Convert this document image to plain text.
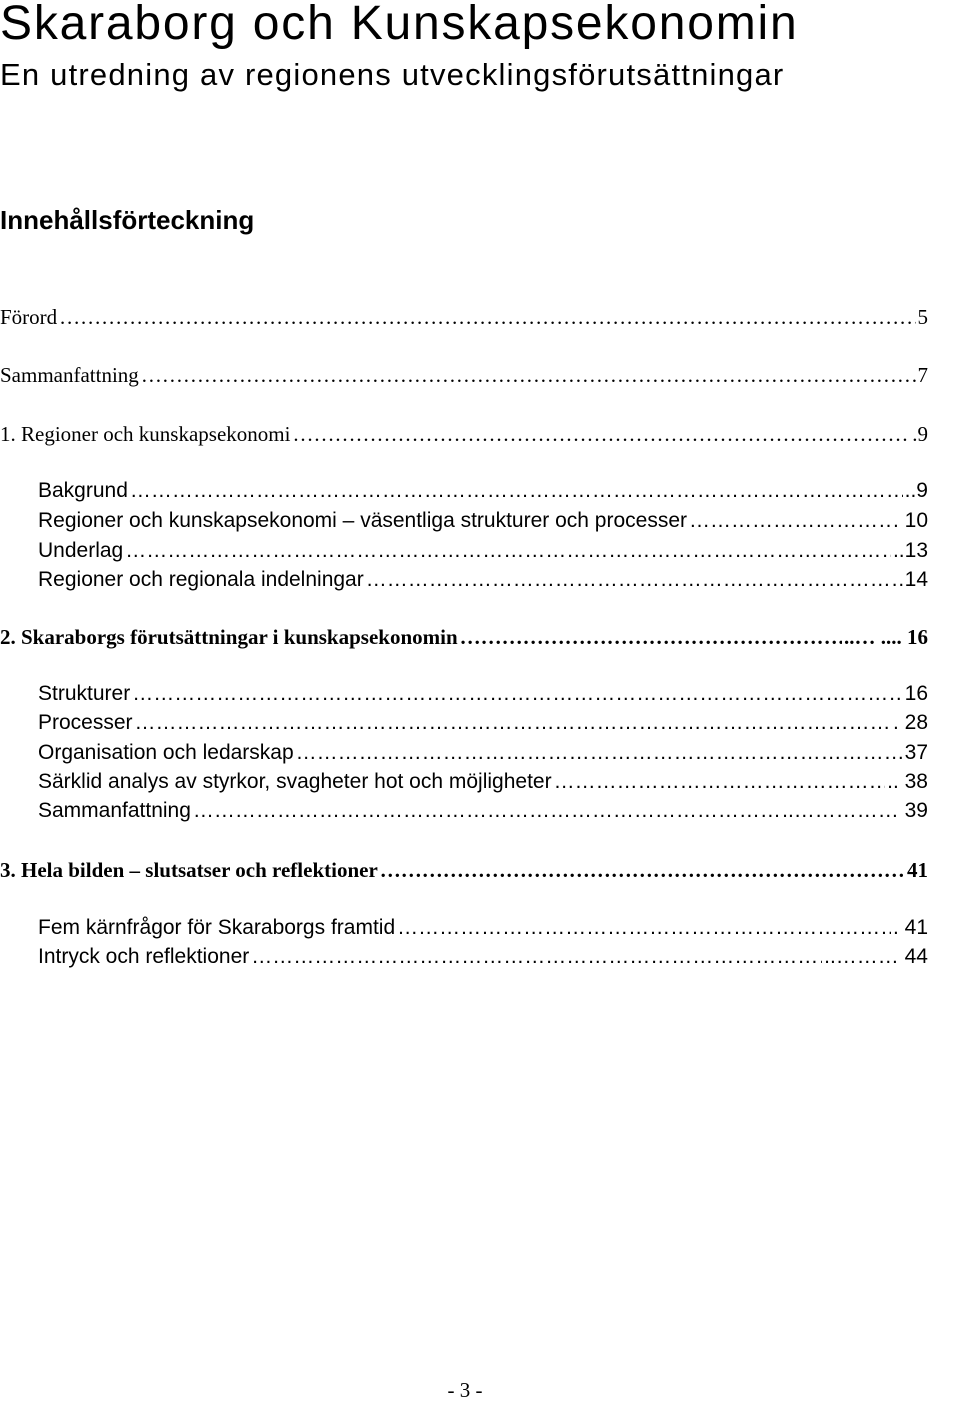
Skaraborg och Kunskapsekonomin
En utredning av regionens utvecklingsförutsättningar
Innehållsförteckning
Förord …………………………………………………………………………………………………………………………………………………………………………………………	5
Sammanfattning …………………………………………………………………………………………………………………………………………………………………………………………	7
1. Regioner och kunskapsekonomi …………………………………………………………………………………………………………………………………………………………………………………………	.9
Bakgrund …………………………………………………………………………………………………………………………………………………………………………………………	..9
Regioner och kunskapsekonomi – väsentliga strukturer och processer …………………………………………………………………………………………………………………………………………………………………………………………	. 10
Underlag …………………………………………………………………………………………………………………………………………………………………………………………	..13
Regioner och regionala indelningar …………………………………………………………………………………………………………………………………………………………………………………………	14
2. Skaraborgs förutsättningar i kunskapsekonomin …………………………………………………………………………………………………………………………………………………………………………………………	..… .... 16
Strukturer …………………………………………………………………………………………………………………………………………………………………………………………	16
Processer …………………………………………………………………………………………………………………………………………………………………………………………	. 28
Organisation och ledarskap …………………………………………………………………………………………………………………………………………………………………………………………	37
Särklid analys av styrkor, svagheter hot och möjligheter …………………………………………………………………………………………………………………………………………………………………………………………	.. 38
Sammanfattning …………………………………………………………………………………………………………………………………………………………………………………………	..…………… 39
3. Hela bilden – slutsatser och reflektioner …………………………………………………………………………………………………………………………………………………………………………………………	41
Fem kärnfrågor för Skaraborgs framtid …………………………………………………………………………………………………………………………………………………………………………………………	. 41
Intryck och reflektioner …………………………………………………………………………………………………………………………………………………………………………………………	..……… 44
- 3 -
